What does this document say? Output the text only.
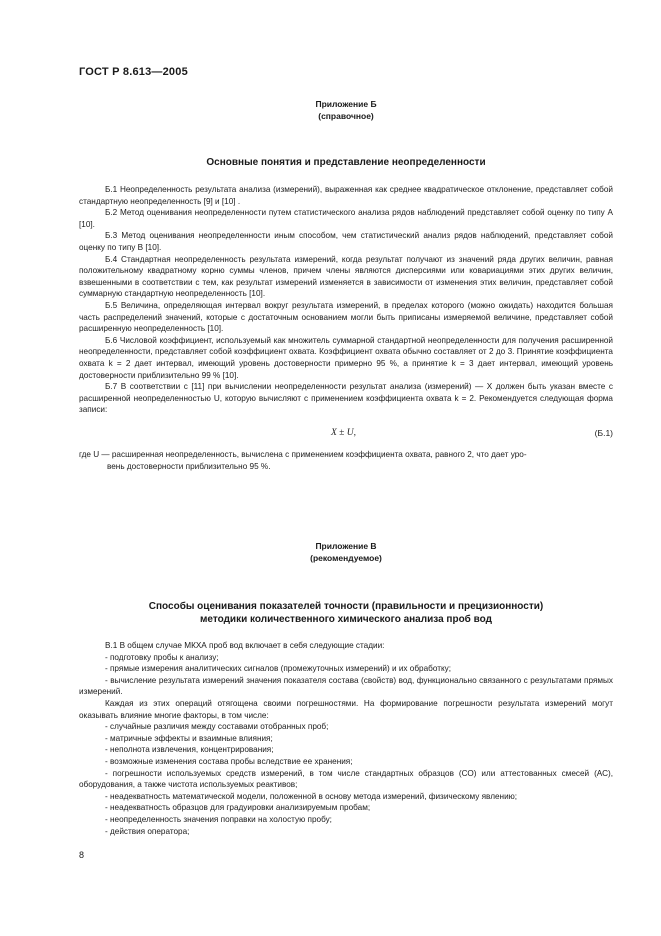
ГОСТ Р 8.613—2005
Приложение Б
(справочное)
Основные понятия и представление неопределенности

Б.1 Неопределенность результата анализа (измерений), выраженная как среднее квадратическое отклонение, представляет собой стандартную неопределенность [9] и [10] .

Б.2 Метод оценивания неопределенности путем статистического анализа рядов наблюдений представляет собой оценку по типу А [10].

Б.3 Метод оценивания неопределенности иным способом, чем статистический анализ рядов наблюдений, представляет собой оценку по типу В [10].

Б.4 Стандартная неопределенность результата измерений, когда результат получают из значений ряда других величин, равная положительному квадратному корню суммы членов, причем члены являются дисперсиями или ковариациями этих других величин, взвешенными в соответствии с тем, как результат измерений изменяется в зависимости от изменения этих величин, представляет собой суммарную стандартную неопределенность [10].

Б.5 Величина, определяющая интервал вокруг результата измерений, в пределах которого (можно ожидать) находится большая часть распределений значений, которые с достаточным основанием могли быть приписаны измеряемой величине, представляет собой расширенную неопределенность [10].

Б.6 Числовой коэффициент, используемый как множитель суммарной стандартной неопределенности для получения расширенной неопределенности, представляет собой коэффициент охвата. Коэффициент охвата обычно составляет от 2 до 3. Принятие коэффициента охвата k = 2 дает интервал, имеющий уровень достоверности примерно 95 %, а принятие k = 3 дает интервал, имеющий уровень достоверности приблизительно 99 % [10].

Б.7 В соответствии с [11] при вычислении неопределенности результат анализа (измерений) — X должен быть указан вместе с расширенной неопределенностью U, которую вычисляют с применением коэффициента охвата k = 2. Рекомендуется следующая форма записи:

X ± U,	(Б.1)

где U — расширенная неопределенность, вычислена с применением коэффициента охвата, равного 2, что дает уро-

вень достоверности приблизительно 95 %.

Приложение В
(рекомендуемое)
Способы оценивания показателей точности (правильности и прецизионности)
методики количественного химического анализа проб вод

В.1 В общем случае МКХА проб вод включает в себя следующие стадии:

- подготовку пробы к анализу;

- прямые измерения аналитических сигналов (промежуточных измерений) и их обработку;

- вычисление результата измерений значения показателя состава (свойств) вод, функционально связанного с результатами прямых измерений.

Каждая из этих операций отягощена своими погрешностями. На формирование погрешности результата измерений могут оказывать влияние многие факторы, в том числе:

- случайные различия между составами отобранных проб;

- матричные эффекты и взаимные влияния;

- неполнота извлечения, концентрирования;

- возможные изменения состава пробы вследствие ее хранения;

- погрешности используемых средств измерений, в том числе стандартных образцов (СО) или аттестованных смесей (АС), оборудования, а также чистота используемых реактивов;

- неадекватность математической модели, положенной в основу метода измерений, физическому явлению;

- неадекватность образцов для градуировки анализируемым пробам;

- неопределенность значения поправки на холостую пробу;

- действия оператора;

8
